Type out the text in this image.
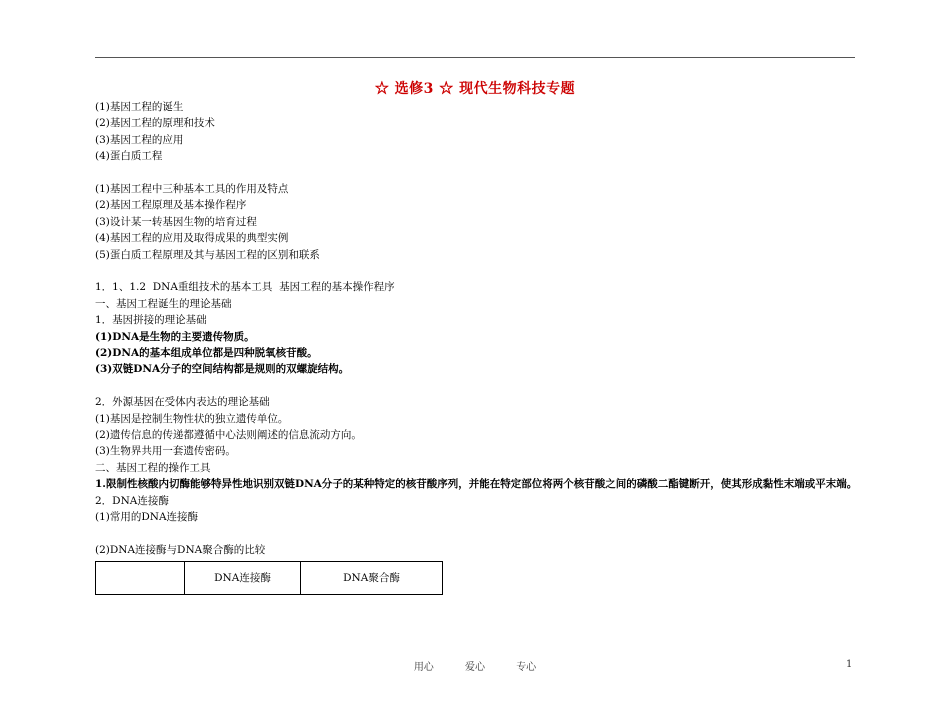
☆ 选修3 ☆ 现代生物科技专题
(1)基因工程的诞生
(2)基因工程的原理和技术
(3)基因工程的应用
(4)蛋白质工程
(1)基因工程中三种基本工具的作用及特点
(2)基因工程原理及基本操作程序
(3)设计某一转基因生物的培育过程
(4)基因工程的应用及取得成果的典型实例
(5)蛋白质工程原理及其与基因工程的区别和联系
1．1、1.2  DNA重组技术的基本工具  基因工程的基本操作程序
一、基因工程诞生的理论基础
1．基因拼接的理论基础
(1)DNA是生物的主要遗传物质。
(2)DNA的基本组成单位都是四种脱氧核苷酸。
(3)双链DNA分子的空间结构都是规则的双螺旋结构。
2．外源基因在受体内表达的理论基础
(1)基因是控制生物性状的独立遗传单位。
(2)遗传信息的传递都遵循中心法则阐述的信息流动方向。
(3)生物界共用一套遗传密码。
二、基因工程的操作工具
1.限制性核酸内切酶能够特异性地识别双链DNA分子的某种特定的核苷酸序列，并能在特定部位将两个核苷酸之间的磷酸二酯键断开，使其形成黏性末端或平末端。
2．DNA连接酶
(1)常用的DNA连接酶
(2)DNA连接酶与DNA聚合酶的比较
	DNA连接酶	DNA聚合酶
用心	爱心	专心	1
